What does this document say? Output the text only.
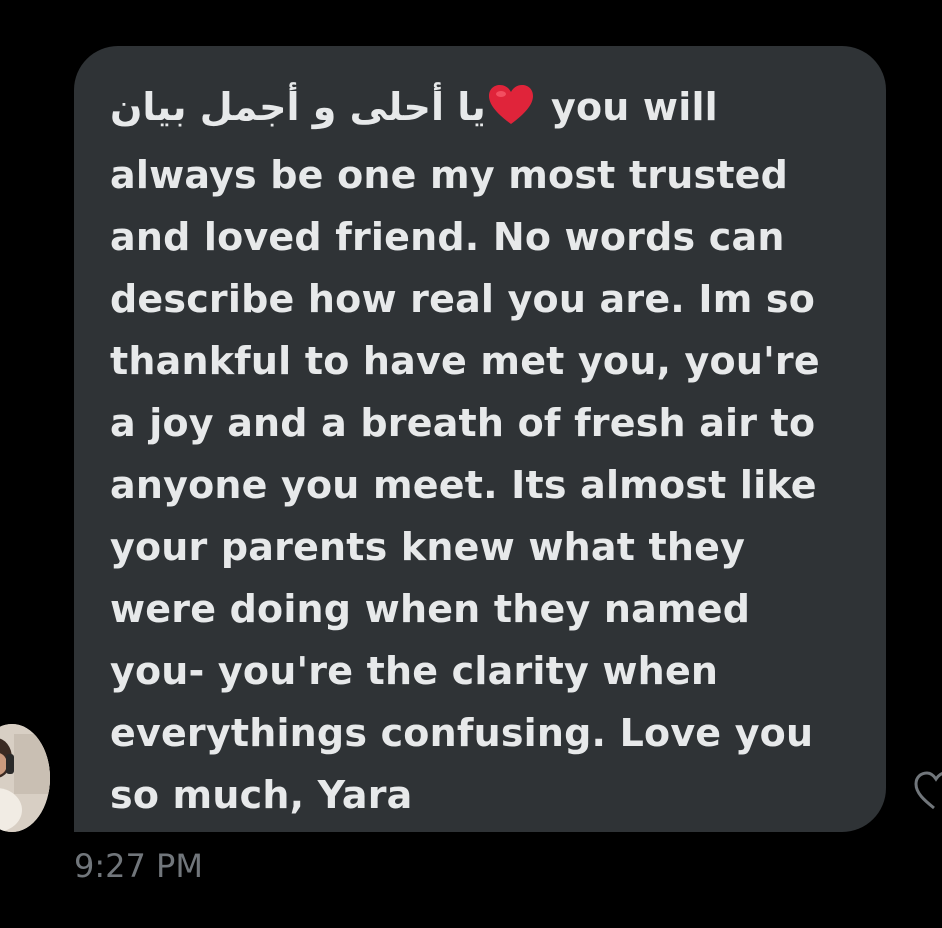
يا أحلى و أجمل بيان you will
always be one my most trusted
and loved friend. No words can
describe how real you are. Im so
thankful to have met you, you're
a joy and a breath of fresh air to
anyone you meet. Its almost like
your parents knew what they
were doing when they named
you- you're the clarity when
everythings confusing. Love you
so much, Yara
9:27 PM
